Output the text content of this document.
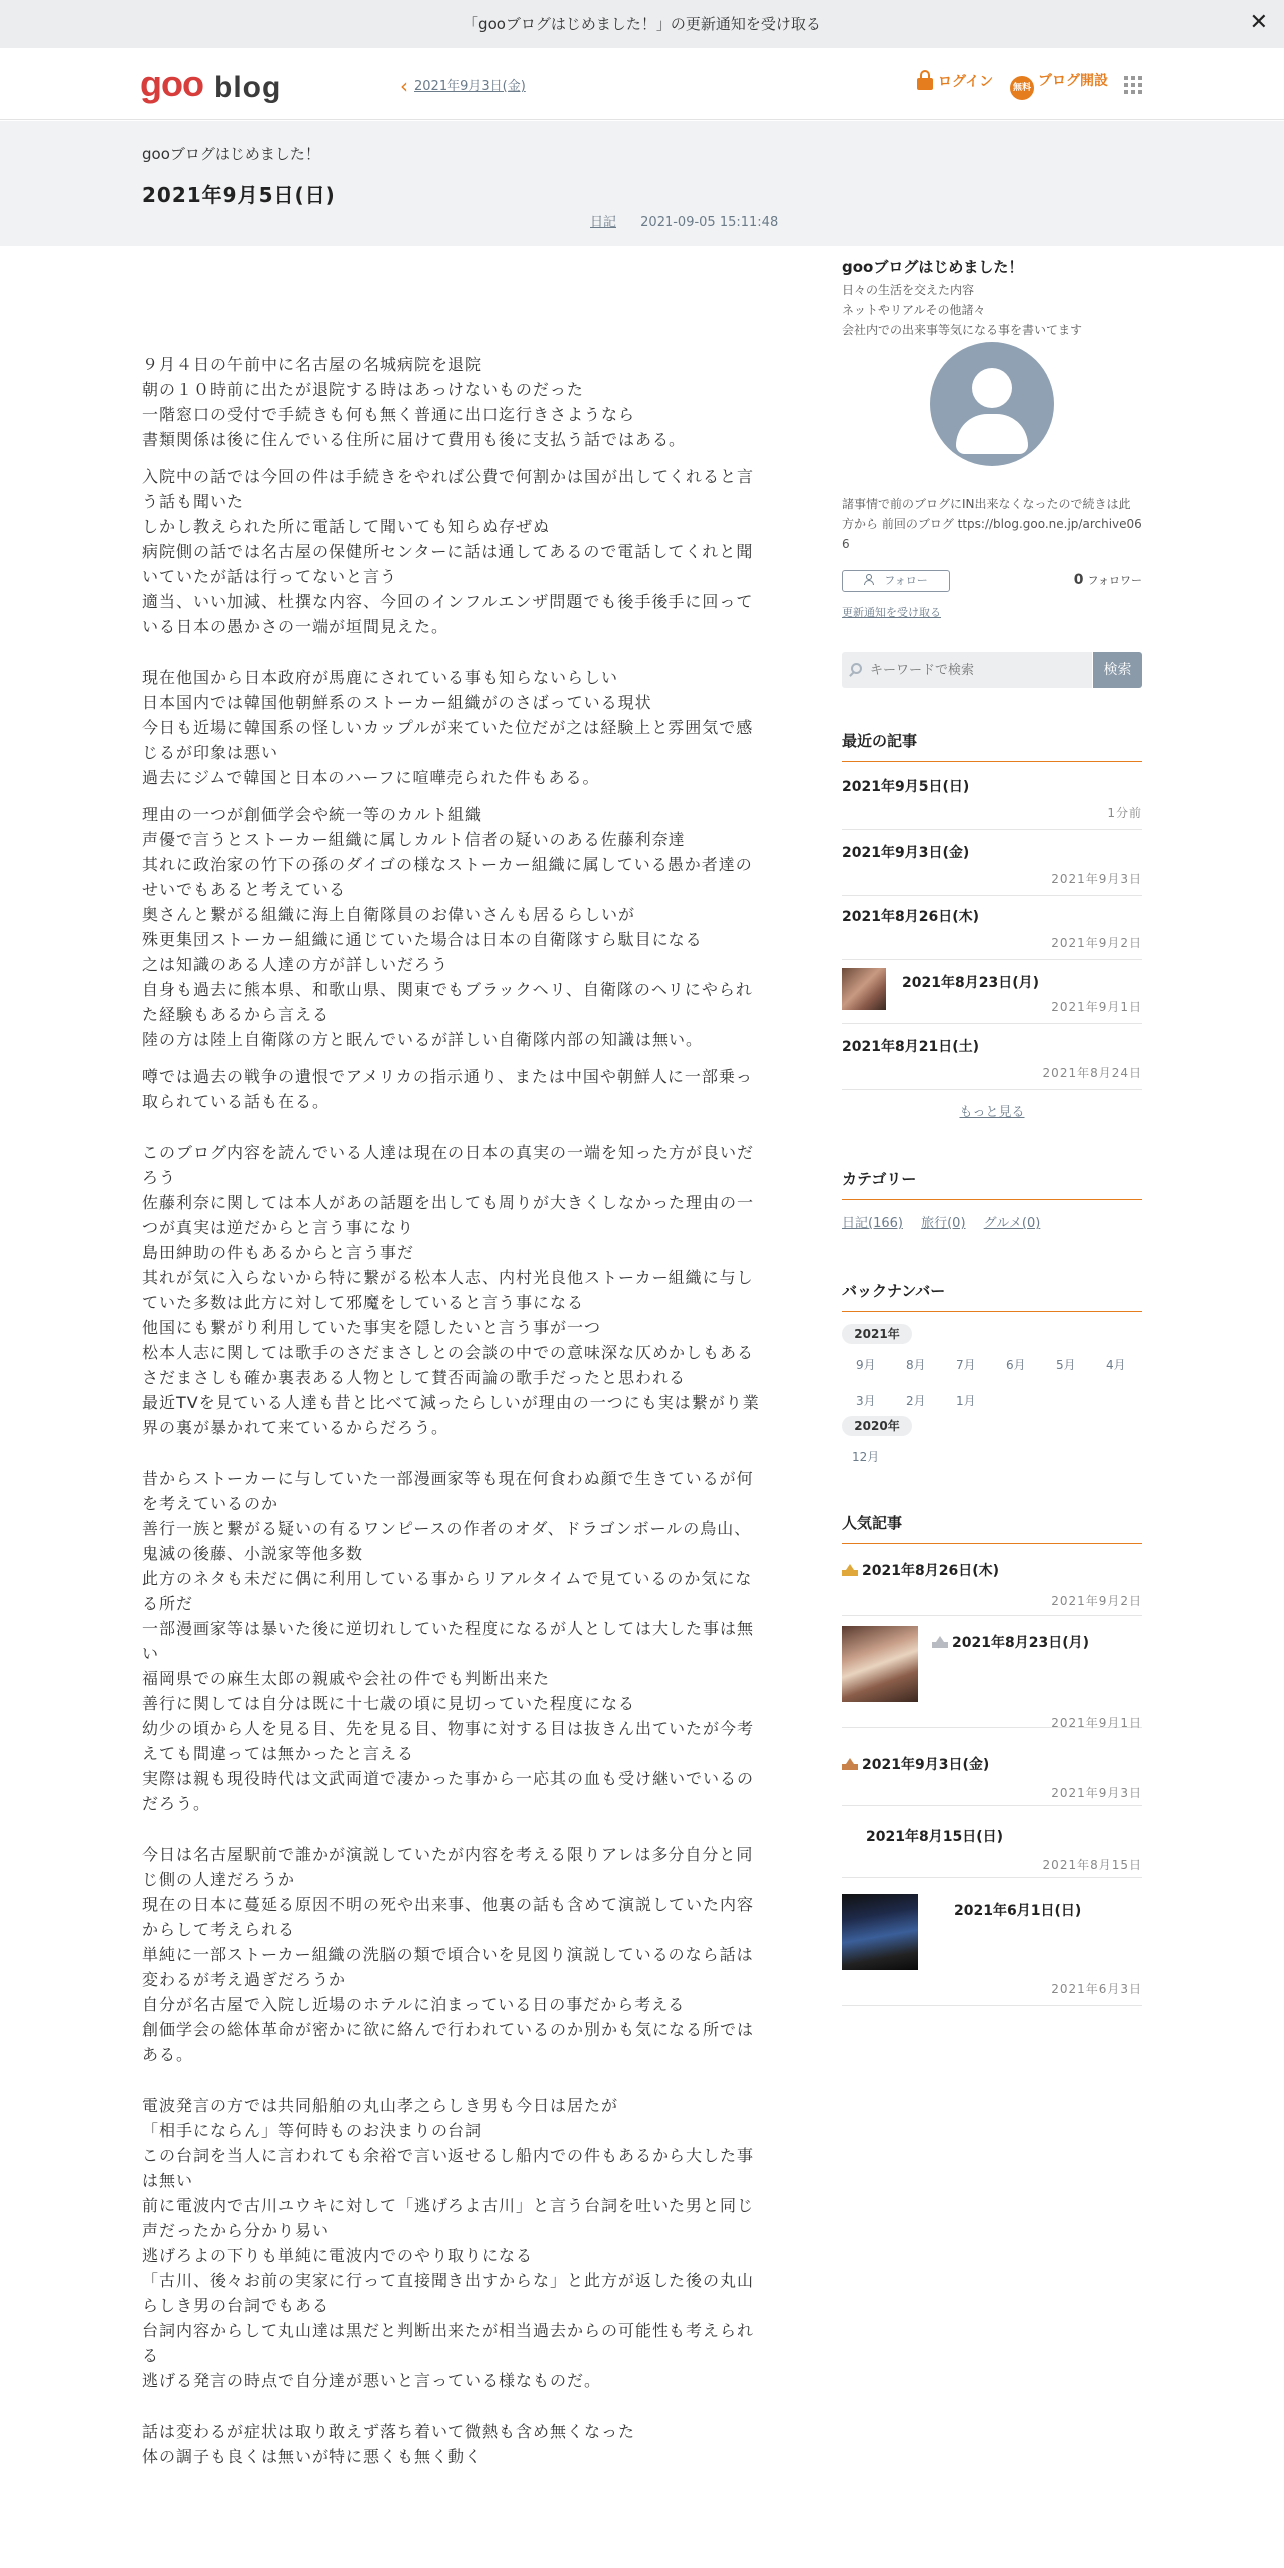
「gooブログはじめました！」の更新通知を受け取る	✕
goo blog	‹ 2021年9月3日(金)	ログイン	無料 ブログ開設
gooブログはじめました！
2021年9月5日(日)
日記 2021-09-05 15:11:48

９月４日の午前中に名古屋の名城病院を退院
朝の１０時前に出たが退院する時はあっけないものだった
一階窓口の受付で手続きも何も無く普通に出口迄行きさようなら
書類関係は後に住んでいる住所に届けて費用も後に支払う話ではある。

入院中の話では今回の件は手続きをやれば公費で何割かは国が出してくれると言う話も聞いた
しかし教えられた所に電話して聞いても知らぬ存ぜぬ
病院側の話では名古屋の保健所センターに話は通してあるので電話してくれと聞いていたが話は行ってないと言う
適当、いい加減、杜撰な内容、今回のインフルエンザ問題でも後手後手に回っている日本の愚かさの一端が垣間見えた。

現在他国から日本政府が馬鹿にされている事も知らないらしい
日本国内では韓国他朝鮮系のストーカー組織がのさばっている現状
今日も近場に韓国系の怪しいカップルが来ていた位だが之は経験上と雰囲気で感じるが印象は悪い
過去にジムで韓国と日本のハーフに喧嘩売られた件もある。

理由の一つが創価学会や統一等のカルト組織
声優で言うとストーカー組織に属しカルト信者の疑いのある佐藤利奈達
其れに政治家の竹下の孫のダイゴの様なストーカー組織に属している愚か者達のせいでもあると考えている
奥さんと繋がる組織に海上自衛隊員のお偉いさんも居るらしいが
殊更集団ストーカー組織に通じていた場合は日本の自衛隊すら駄目になる
之は知識のある人達の方が詳しいだろう
自身も過去に熊本県、和歌山県、関東でもブラックヘリ、自衛隊のヘリにやられた経験もあるから言える
陸の方は陸上自衛隊の方と眠んでいるが詳しい自衛隊内部の知識は無い。

噂では過去の戦争の遺恨でアメリカの指示通り、または中国や朝鮮人に一部乗っ取られている話も在る。

このブログ内容を読んでいる人達は現在の日本の真実の一端を知った方が良いだろう
佐藤利奈に関しては本人があの話題を出しても周りが大きくしなかった理由の一つが真実は逆だからと言う事になり
島田紳助の件もあるからと言う事だ
其れが気に入らないから特に繋がる松本人志、内村光良他ストーカー組織に与していた多数は此方に対して邪魔をしていると言う事になる
他国にも繋がり利用していた事実を隠したいと言う事が一つ
松本人志に関しては歌手のさだまさしとの会談の中での意味深な仄めかしもある
さだまさしも確か裏表ある人物として賛否両論の歌手だったと思われる
最近TVを見ている人達も昔と比べて減ったらしいが理由の一つにも実は繋がり業界の裏が暴かれて来ているからだろう。

昔からストーカーに与していた一部漫画家等も現在何食わぬ顔で生きているが何を考えているのか
善行一族と繋がる疑いの有るワンピースの作者のオダ、ドラゴンボールの鳥山、鬼滅の後藤、小説家等他多数
此方のネタも未だに偶に利用している事からリアルタイムで見ているのか気になる所だ
一部漫画家等は暴いた後に逆切れしていた程度になるが人としては大した事は無い
福岡県での麻生太郎の親戚や会社の件でも判断出来た
善行に関しては自分は既に十七歳の頃に見切っていた程度になる
幼少の頃から人を見る目、先を見る目、物事に対する目は抜きん出ていたが今考えても間違っては無かったと言える
実際は親も現役時代は文武両道で凄かった事から一応其の血も受け継いでいるのだろう。

今日は名古屋駅前で誰かが演説していたが内容を考える限りアレは多分自分と同じ側の人達だろうか
現在の日本に蔓延る原因不明の死や出来事、他裏の話も含めて演説していた内容からして考えられる
単純に一部ストーカー組織の洗脳の類で頃合いを見図り演説しているのなら話は変わるが考え過ぎだろうか
自分が名古屋で入院し近場のホテルに泊まっている日の事だから考える
創価学会の総体革命が密かに欲に絡んで行われているのか別かも気になる所ではある。

電波発言の方では共同船舶の丸山孝之らしき男も今日は居たが
「相手にならん」等何時ものお決まりの台詞
この台詞を当人に言われても余裕で言い返せるし船内での件もあるから大した事は無い
前に電波内で古川ユウキに対して「逃げろよ古川」と言う台詞を吐いた男と同じ声だったから分かり易い
逃げろよの下りも単純に電波内でのやり取りになる
「古川、後々お前の実家に行って直接聞き出すからな」と此方が返した後の丸山らしき男の台詞でもある
台詞内容からして丸山達は黒だと判断出来たが相当過去からの可能性も考えられる
逃げる発言の時点で自分達が悪いと言っている様なものだ。

話は変わるが症状は取り敢えず落ち着いて微熱も含め無くなった
体の調子も良くは無いが特に悪くも無く動く

gooブログはじめました！
日々の生活を交えた内容
ネットやリアルその他諸々
会社内での出来事等気になる事を書いてます
諸事情で前のブログにIN出来なくなったので続きは此方から 前回のブログ ttps://blog.goo.ne.jp/archive066
フォロー	0 フォロワー
更新通知を受け取る
キーワードで検索
検索
最近の記事
2021年9月5日(日)
1分前
2021年9月3日(金)
2021年9月3日
2021年8月26日(木)
2021年9月2日
2021年8月23日(月)
2021年9月1日
2021年8月21日(土)
2021年8月24日
もっと見る
カテゴリー
日記(166) 旅行(0) グルメ(0)
バックナンバー
2021年
9月	8月	7月	6月	5月	4月
3月	2月	1月
2020年
12月
人気記事
2021年8月26日(木)
2021年9月2日
2021年8月23日(月)
2021年9月1日
2021年9月3日(金)
2021年9月3日
2021年8月15日(日)
2021年8月15日
2021年6月1日(日)
2021年6月3日
